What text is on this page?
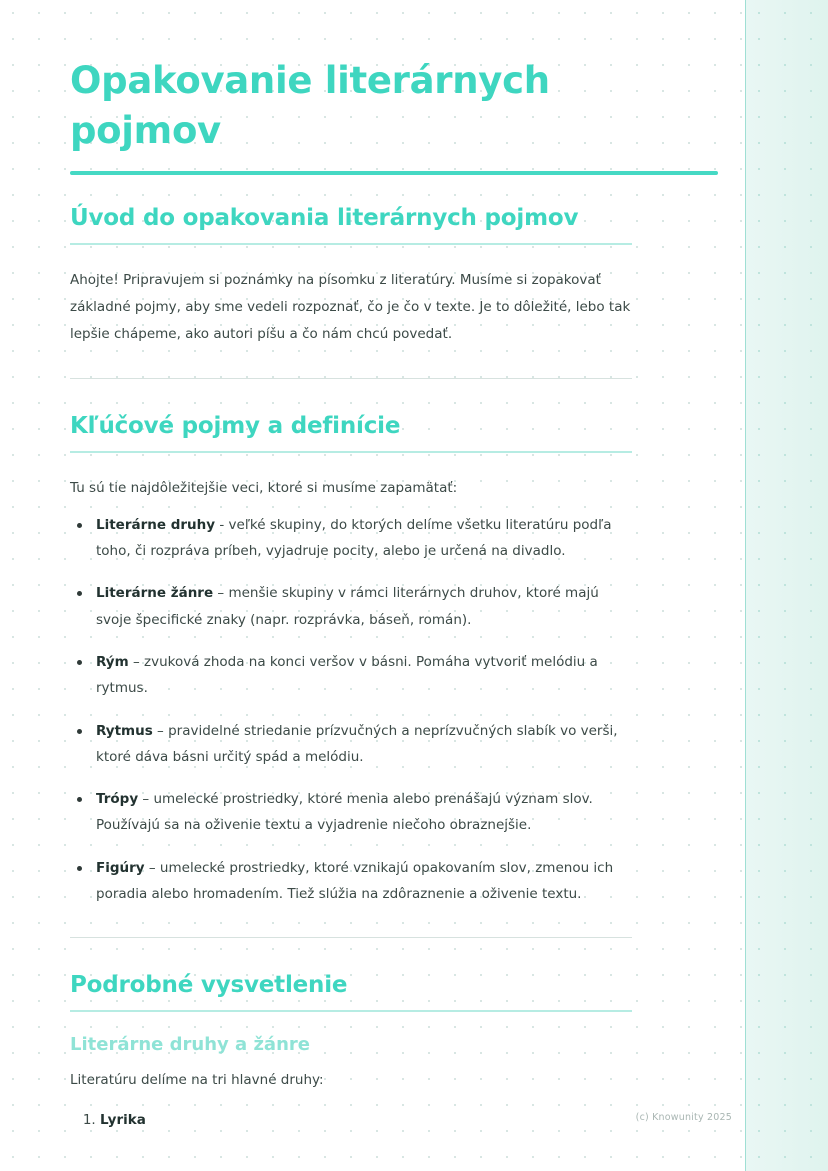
Opakovanie literárnych pojmov
Úvod do opakovania literárnych pojmov

Ahojte! Pripravujem si poznámky na písomku z literatúry. Musíme si zopakovať základné pojmy, aby sme vedeli rozpoznať, čo je čo v texte. Je to dôležité, lebo tak lepšie chápeme, ako autori píšu a čo nám chcú povedať.

Kľúčové pojmy a definície

Tu sú tie najdôležitejšie veci, ktoré si musíme zapamätať:

Literárne druhy - veľké skupiny, do ktorých delíme všetku literatúru podľa toho, či rozpráva príbeh, vyjadruje pocity, alebo je určená na divadlo.
Literárne žánre – menšie skupiny v rámci literárnych druhov, ktoré majú svoje špecifické znaky (napr. rozprávka, báseň, román).
Rým – zvuková zhoda na konci veršov v básni. Pomáha vytvoriť melódiu a rytmus.
Rytmus – pravidelné striedanie prízvučných a neprízvučných slabík vo verši, ktoré dáva básni určitý spád a melódiu.
Trópy – umelecké prostriedky, ktoré menia alebo prenášajú význam slov. Používajú sa na oživenie textu a vyjadrenie niečoho obraznejšie.
Figúry – umelecké prostriedky, ktoré vznikajú opakovaním slov, zmenou ich poradia alebo hromadením. Tiež slúžia na zdôraznenie a oživenie textu.
Podrobné vysvetlenie
Literárne druhy a žánre

Literatúru delíme na tri hlavné druhy:

1. Lyrika	(c) Knowunity 2025
